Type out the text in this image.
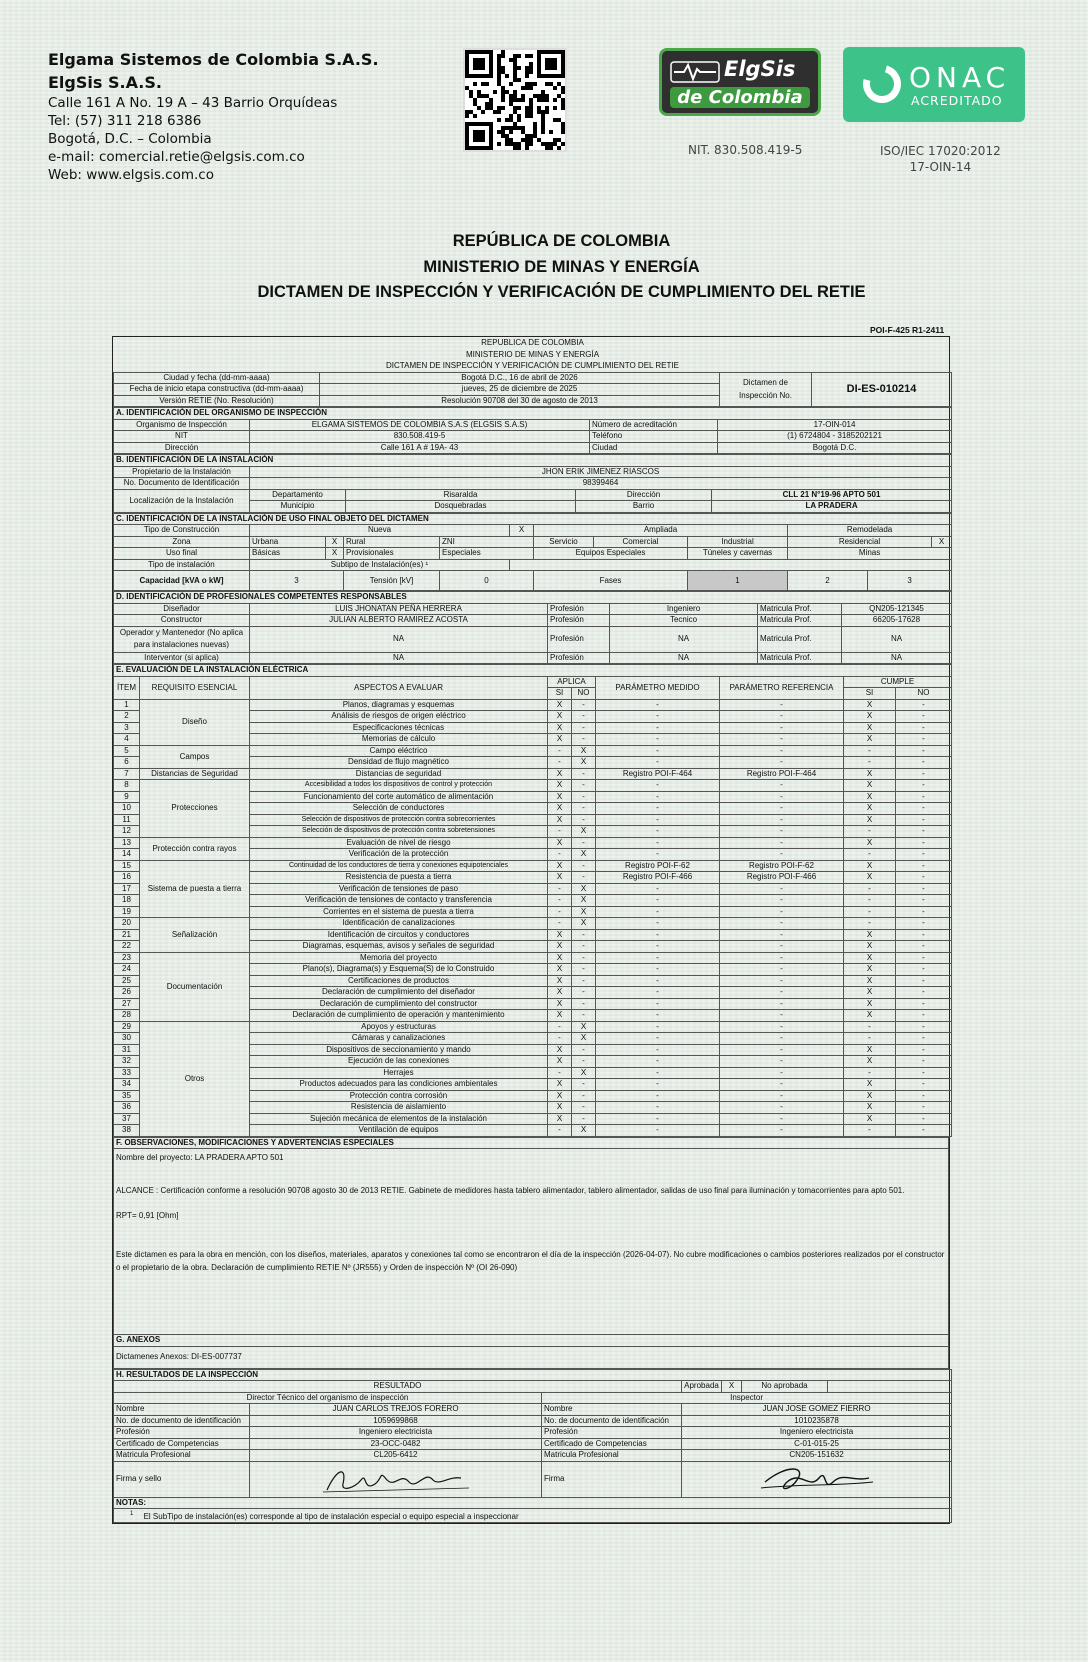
Elgama Sistemos de Colombia S.A.S.
ElgSis S.A.S.
Calle 161 A No. 19 A – 43 Barrio Orquídeas
Tel: (57) 311 218 6386
Bogotá, D.C. – Colombia
e-mail: comercial.retie@elgsis.com.co
Web: www.elgsis.com.co
ElgSis
de Colombia
ONAC
ACREDITADO
NIT. 830.508.419-5	ISO/IEC 17020:2012
17-OIN-14
REPÚBLICA DE COLOMBIA
MINISTERIO DE MINAS Y ENERGÍA
DICTAMEN DE INSPECCIÓN Y VERIFICACIÓN DE CUMPLIMIENTO DEL RETIE
POI-F-425 R1-2411
REPUBLICA DE COLOMBIA			
MINISTERIO DE MINAS Y ENERGÍA			
DICTAMEN DE INSPECCIÓN Y VERIFICACIÓN DE CUMPLIMIENTO DEL RETIE			
Ciudad y fecha (dd-mm-aaaa)	Bogotá D.C., 16 de abril de 2026	Dictamen de
Inspección No.	DI-ES-010214
Fecha de inicio etapa constructiva (dd-mm-aaaa)	jueves, 25 de diciembre de 2025		
Versión RETIE (No. Resolución)	Resolución 90708 del 30 de agosto de 2013		
A. IDENTIFICACIÓN DEL ORGANISMO DE INSPECCIÓN			
Organismo de Inspección	ELGAMA SISTEMOS DE COLOMBIA S.A.S (ELGSIS S.A.S)	Número de acreditación	17-OIN-014
NIT	830.508.419-5	Teléfono	(1) 6724804 - 3185202121
Dirección	Calle 161 A # 19A- 43	Ciudad	Bogotá D.C.
B. IDENTIFICACIÓN DE LA INSTALACIÓN				
Propietario de la Instalación	JHON ERIK JIMENEZ RIASCOS			
No. Documento de Identificación	98399464			
Localización de la Instalación	Departamento	Risaralda	Dirección	CLL 21 N°19-96 APTO 501
	Municipio	Dosquebradas	Barrio	LA PRADERA
C. IDENTIFICACIÓN DE LA INSTALACIÓN DE USO FINAL OBJETO DEL DICTAMEN											
Tipo de Construcción	Nueva				X	Ampliada			Remodelada		
Zona	Urbana	X	Rural	ZNI		Servicio	Comercial	Industrial	Residencial		X
Uso final	Básicas	X	Provisionales	Especiales		Equipos Especiales		Túneles y cavernas	Minas		
Tipo de instalación	Subtipo de Instalación(es) ¹										
Capacidad [kVA o kW]	3		Tensión [kV]	0		Fases		1	2	3	
D. IDENTIFICACIÓN DE PROFESIONALES COMPETENTES RESPONSABLES					
Diseñador	LUIS JHONATAN PEÑA HERRERA	Profesión	Ingeniero	Matricula Prof.	QN205-121345
Constructor	JULIAN ALBERTO RAMIREZ ACOSTA	Profesión	Tecnico	Matricula Prof.	66205-17628
Operador y Mantenedor (No aplica para instalaciones nuevas)	NA	Profesión	NA	Matricula Prof.	NA
Interventor (si aplica)	NA	Profesión	NA	Matricula Prof.	NA
E. EVALUACIÓN DE LA INSTALACIÓN ELÉCTRICA								
ÍTEM	REQUISITO ESENCIAL	ASPECTOS A EVALUAR	APLICA		PARÁMETRO MEDIDO	PARÁMETRO REFERENCIA	CUMPLE	
			SI	NO			SI	NO
1	Diseño	Planos, diagramas y esquemas	X	-	-	-	X	-
2		Análisis de riesgos de origen eléctrico	X	-	-	-	X	-
3		Especificaciones técnicas	X	-	-	-	X	-
4		Memorias de cálculo	X	-	-	-	X	-
5	Campos	Campo eléctrico	-	X	-	-	-	-
6		Densidad de flujo magnético	-	X	-	-	-	-
7	Distancias de Seguridad	Distancias de seguridad	X	-	Registro POI-F-464	Registro POI-F-464	X	-
8	Protecciones	Accesibilidad a todos los dispositivos de control y protección	X	-	-	-	X	-
9		Funcionamiento del corte automático de alimentación	X	-	-	-	X	-
10		Selección de conductores	X	-	-	-	X	-
11		Selección de dispositivos de protección contra sobrecorrientes	X	-	-	-	X	-
12		Selección de dispositivos de protección contra sobretensiones	-	X	-	-	-	-
13	Protección contra rayos	Evaluación de nivel de riesgo	X	-	-	-	X	-
14		Verificación de la protección	-	X	-	-	-	-
15	Sistema de puesta a tierra	Continuidad de los conductores de tierra y conexiones equipotenciales	X	-	Registro POI-F-62	Registro POI-F-62	X	-
16		Resistencia de puesta a tierra	X	-	Registro POI-F-466	Registro POI-F-466	X	-
17		Verificación de tensiones de paso	-	X	-	-	-	-
18		Verificación de tensiones de contacto y transferencia	-	X	-	-	-	-
19		Corrientes en el sistema de puesta a tierra	-	X	-	-	-	-
20	Señalización	Identificación de canalizaciones	-	X	-	-	-	-
21		Identificación de circuitos y conductores	X	-	-	-	X	-
22		Diagramas, esquemas, avisos y señales de seguridad	X	-	-	-	X	-
23	Documentación	Memoria del proyecto	X	-	-	-	X	-
24		Plano(s), Diagrama(s) y Esquema(S) de lo Construido	X	-	-	-	X	-
25		Certificaciones de productos	X	-	-	-	X	-
26		Declaración de cumplimiento del diseñador	X	-	-	-	X	-
27		Declaración de cumplimiento del constructor	X	-	-	-	X	-
28		Declaración de cumplimiento de operación y mantenimiento	X	-	-	-	X	-
29	Otros	Apoyos y estructuras	-	X	-	-	-	-
30		Cámaras y canalizaciones	-	X	-	-	-	-
31		Dispositivos de seccionamiento y mando	X	-	-	-	X	-
32		Ejecución de las conexiones	X	-	-	-	X	-
33		Herrajes	-	X	-	-	-	-
34		Productos adecuados para las condiciones ambientales	X	-	-	-	X	-
35		Protección contra corrosión	X	-	-	-	X	-
36		Resistencia de aislamiento	X	-	-	-	X	-
37		Sujeción mecánica de elementos de la instalación	X	-	-	-	X	-
38		Ventilación de equipos	-	X	-	-	-	-
F. OBSERVACIONES, MODIFICACIONES Y ADVERTENCIAS ESPECIALES

Nombre del proyecto: LA PRADERA APTO 501
ALCANCE : Certificación conforme a resolución 90708 agosto 30 de 2013 RETIE. Gabinete de medidores hasta tablero alimentador, tablero alimentador, salidas de uso final para iluminación y tomacorrientes para apto 501.
RPT= 0,91 [Ohm]
Este dictamen es para la obra en mención, con los diseños, materiales, aparatos y conexiones tal como se encontraron el día de la inspección (2026-04-07). No cubre modificaciones o cambios posteriores realizados por el constructor o el propietario de la obra. Declaración de cumplimiento RETIE Nº (JR555) y Orden de inspección Nº (OI 26-090)

G. ANEXOS
Dictamenes Anexos: DI-ES-007737
H. RESULTADOS DE LA INSPECCIÓN						
RESULTADO			Aprobada	X	No aprobada	
Director Técnico del organismo de inspección		Inspector				
Nombre	JUAN CARLOS TREJOS FORERO	Nombre	JUAN JOSE GOMEZ FIERRO			
No. de documento de identificación	1059699868	No. de documento de identificación	1010235878			
Profesión	Ingeniero electricista	Profesión	Ingeniero electricista			
Certificado de Competencias	23-OCC-0482	Certificado de Competencias	C-01-015-25			
Matricula Profesional	CL205-6412	Matricula Profesional	CN205-151632			
Firma y sello		Firma	

NOTAS:						
$^1$ El SubTipo de instalación(es) corresponde al tipo de instalación especial o equipo especial a inspeccionar						
